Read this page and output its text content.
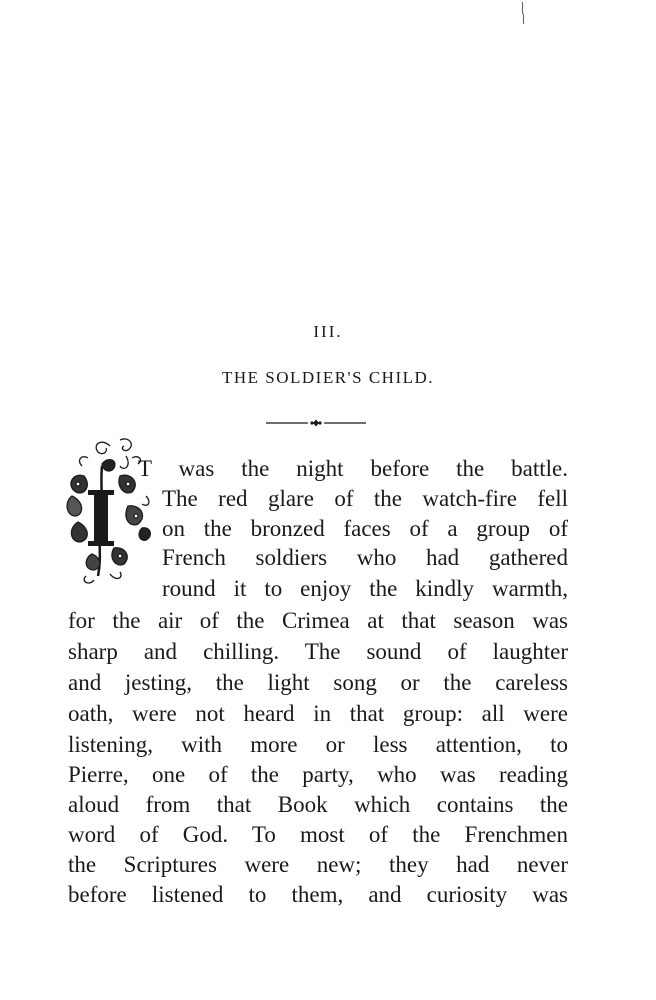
III.
THE SOLDIER'S CHILD.
T was the night before the battle.
The red glare of the watch-fire fell
on the bronzed faces of a group of
French soldiers who had gathered
round it to enjoy the kindly warmth,
for the air of the Crimea at that season was
sharp and chilling. The sound of laughter
and jesting, the light song or the careless
oath, were not heard in that group: all were
listening, with more or less attention, to
Pierre, one of the party, who was reading
aloud from that Book which contains the
word of God. To most of the Frenchmen
the Scriptures were new; they had never
before listened to them, and curiosity was
